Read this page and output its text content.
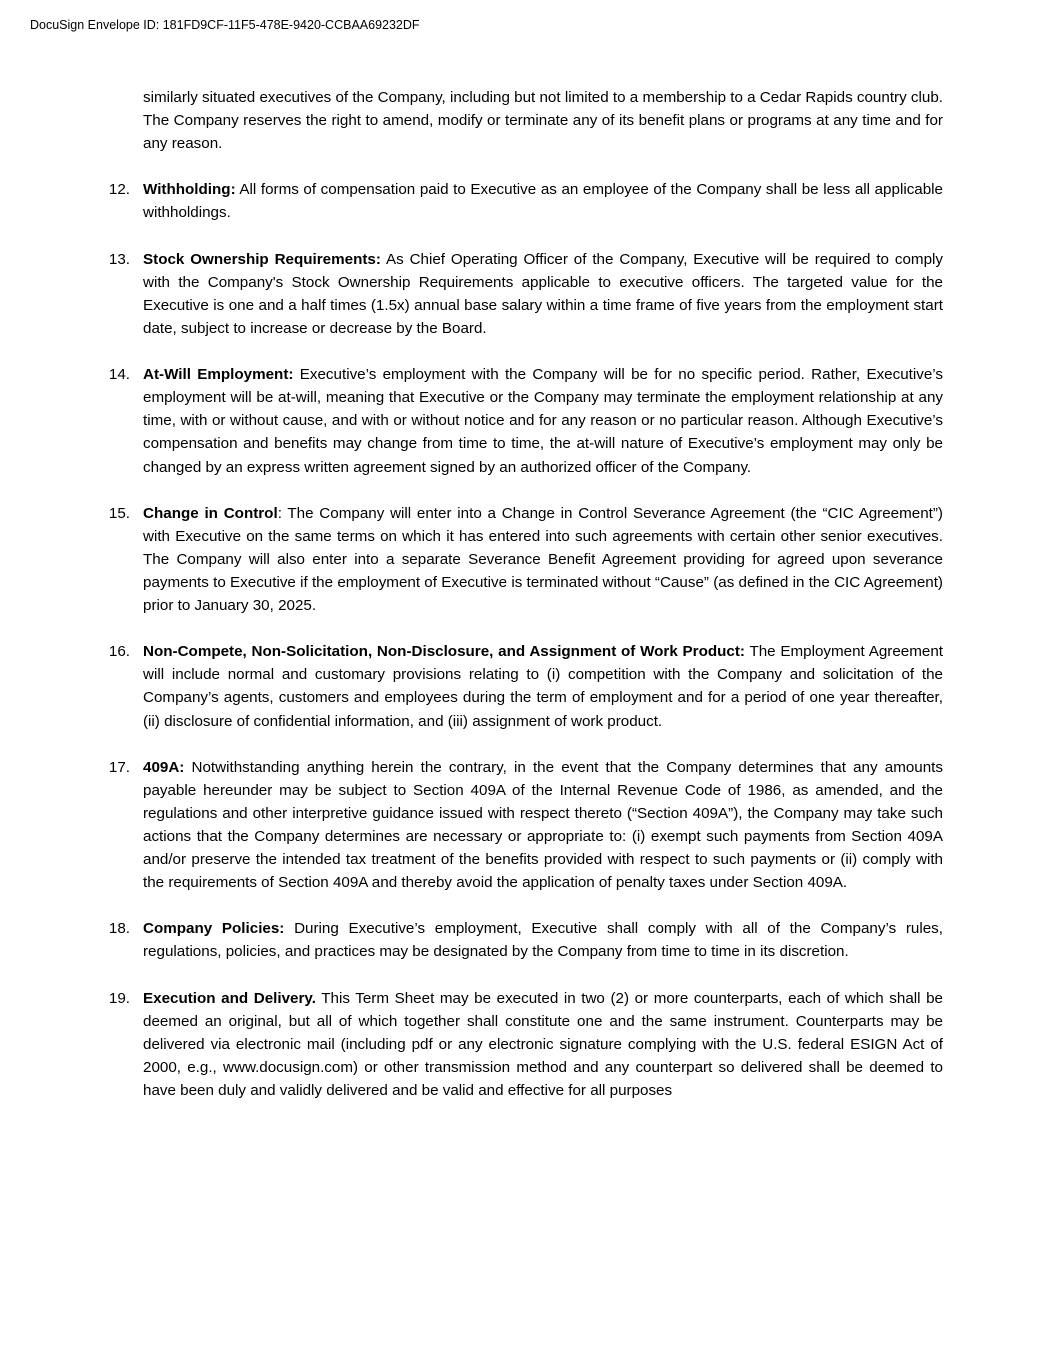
DocuSign Envelope ID: 181FD9CF-11F5-478E-9420-CCBAA69232DF

similarly situated executives of the Company, including but not limited to a membership to a Cedar Rapids country club. The Company reserves the right to amend, modify or terminate any of its benefit plans or programs at any time and for any reason.

12. Withholding: All forms of compensation paid to Executive as an employee of the Company shall be less all applicable withholdings.

13. Stock Ownership Requirements: As Chief Operating Officer of the Company, Executive will be required to comply with the Company's Stock Ownership Requirements applicable to executive officers. The targeted value for the Executive is one and a half times (1.5x) annual base salary within a time frame of five years from the employment start date, subject to increase or decrease by the Board.

14. At-Will Employment: Executive’s employment with the Company will be for no specific period. Rather, Executive’s employment will be at-will, meaning that Executive or the Company may terminate the employment relationship at any time, with or without cause, and with or without notice and for any reason or no particular reason. Although Executive’s compensation and benefits may change from time to time, the at-will nature of Executive’s employment may only be changed by an express written agreement signed by an authorized officer of the Company.

15. Change in Control: The Company will enter into a Change in Control Severance Agreement (the “CIC Agreement”) with Executive on the same terms on which it has entered into such agreements with certain other senior executives. The Company will also enter into a separate Severance Benefit Agreement providing for agreed upon severance payments to Executive if the employment of Executive is terminated without “Cause” (as defined in the CIC Agreement) prior to January 30, 2025.

16. Non-Compete, Non-Solicitation, Non-Disclosure, and Assignment of Work Product: The Employment Agreement will include normal and customary provisions relating to (i) competition with the Company and solicitation of the Company’s agents, customers and employees during the term of employment and for a period of one year thereafter, (ii) disclosure of confidential information, and (iii) assignment of work product.

17. 409A: Notwithstanding anything herein the contrary, in the event that the Company determines that any amounts payable hereunder may be subject to Section 409A of the Internal Revenue Code of 1986, as amended, and the regulations and other interpretive guidance issued with respect thereto (“Section 409A”), the Company may take such actions that the Company determines are necessary or appropriate to: (i) exempt such payments from Section 409A and/or preserve the intended tax treatment of the benefits provided with respect to such payments or (ii) comply with the requirements of Section 409A and thereby avoid the application of penalty taxes under Section 409A.

18. Company Policies: During Executive’s employment, Executive shall comply with all of the Company’s rules, regulations, policies, and practices may be designated by the Company from time to time in its discretion.

19. Execution and Delivery. This Term Sheet may be executed in two (2) or more counterparts, each of which shall be deemed an original, but all of which together shall constitute one and the same instrument. Counterparts may be delivered via electronic mail (including pdf or any electronic signature complying with the U.S. federal ESIGN Act of 2000, e.g., www.docusign.com) or other transmission method and any counterpart so delivered shall be deemed to have been duly and validly delivered and be valid and effective for all purposes
